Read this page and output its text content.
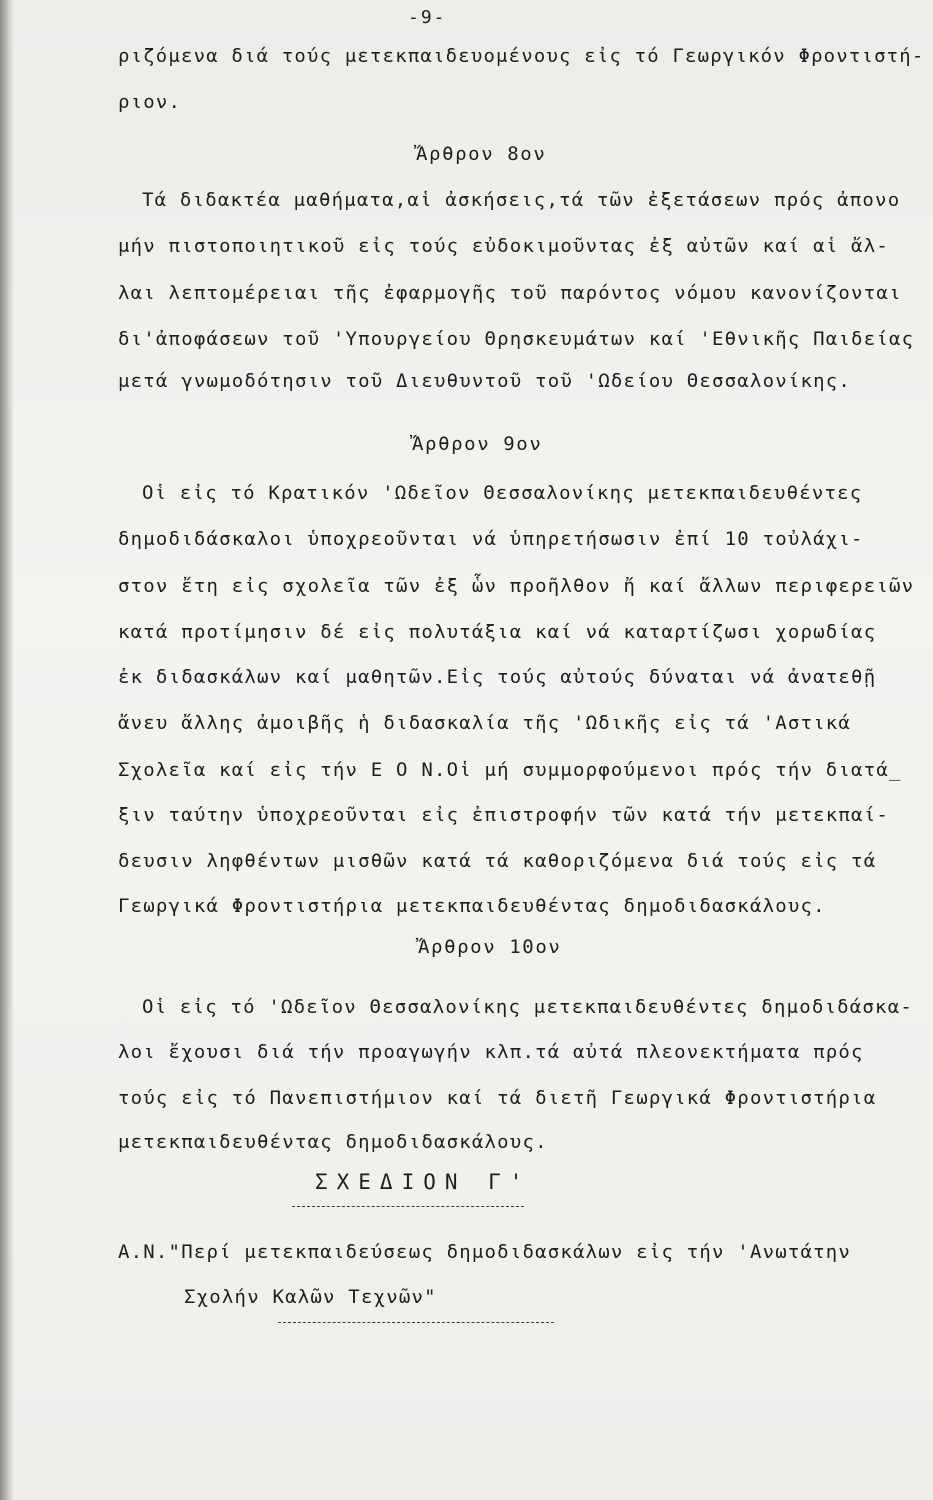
-9-
ριζόμενα διά τούς μετεκπαιδευομένους εἰς τό Γεωργικόν Φροντιστή-
ριον.
Ἄρθρον 8ον
Τά διδακτέα μαθήματα,αἱ ἀσκήσεις,τά τῶν ἐξετάσεων πρός ἀπονο
μήν πιστοποιητικοῦ εἰς τούς εὐδοκιμοῦντας ἐξ αὐτῶν καί αἱ ἄλ-
λαι λεπτομέρειαι τῆς ἐφαρμογῆς τοῦ παρόντος νόμου κανονίζονται
δι'ἀποφάσεων τοῦ 'Υπουργείου Θρησκευμάτων καί 'Εθνικῆς Παιδείας
μετά γνωμοδότησιν τοῦ Διευθυντοῦ τοῦ 'Ωδείου Θεσσαλονίκης.
Ἄρθρον 9ον
Οἱ εἰς τό Κρατικόν 'Ωδεῖον Θεσσαλονίκης μετεκπαιδευθέντες
δημοδιδάσκαλοι ὑποχρεοῦνται νά ὑπηρετήσωσιν ἐπί 10 τοὐλάχι-
στον ἔτη εἰς σχολεῖα τῶν ἐξ ὧν προῆλθον ἤ καί ἄλλων περιφερειῶν
κατά προτίμησιν δέ εἰς πολυτάξια καί νά καταρτίζωσι χορωδίας
ἐκ διδασκάλων καί μαθητῶν.Εἰς τούς αὐτούς δύναται νά ἀνατεθῇ
ἄνευ ἄλλης ἀμοιβῆς ἡ διδασκαλία τῆς 'Ωδικῆς εἰς τά 'Αστικά
Σχολεῖα καί εἰς τήν Ε Ο Ν.Οἱ μή συμμορφούμενοι πρός τήν διατά_
ξιν ταύτην ὑποχρεοῦνται εἰς ἐπιστροφήν τῶν κατά τήν μετεκπαί-
δευσιν ληφθέντων μισθῶν κατά τά καθοριζόμενα διά τούς εἰς τά
Γεωργικά Φροντιστήρια μετεκπαιδευθέντας δημοδιδασκάλους.
Ἄρθρον 10ον
Οἱ εἰς τό 'Ωδεῖον Θεσσαλονίκης μετεκπαιδευθέντες δημοδιδάσκα-
λοι ἔχουσι διά τήν προαγωγήν κλπ.τά αὐτά πλεονεκτήματα πρός
τούς εἰς τό Πανεπιστήμιον καί τά διετῆ Γεωργικά Φροντιστήρια
μετεκπαιδευθέντας δημοδιδασκάλους.
ΣΧΕΔΙΟΝ Γ'
Α.Ν."Περί μετεκπαιδεύσεως δημοδιδασκάλων εἰς τήν 'Ανωτάτην
Σχολήν Καλῶν Τεχνῶν"
